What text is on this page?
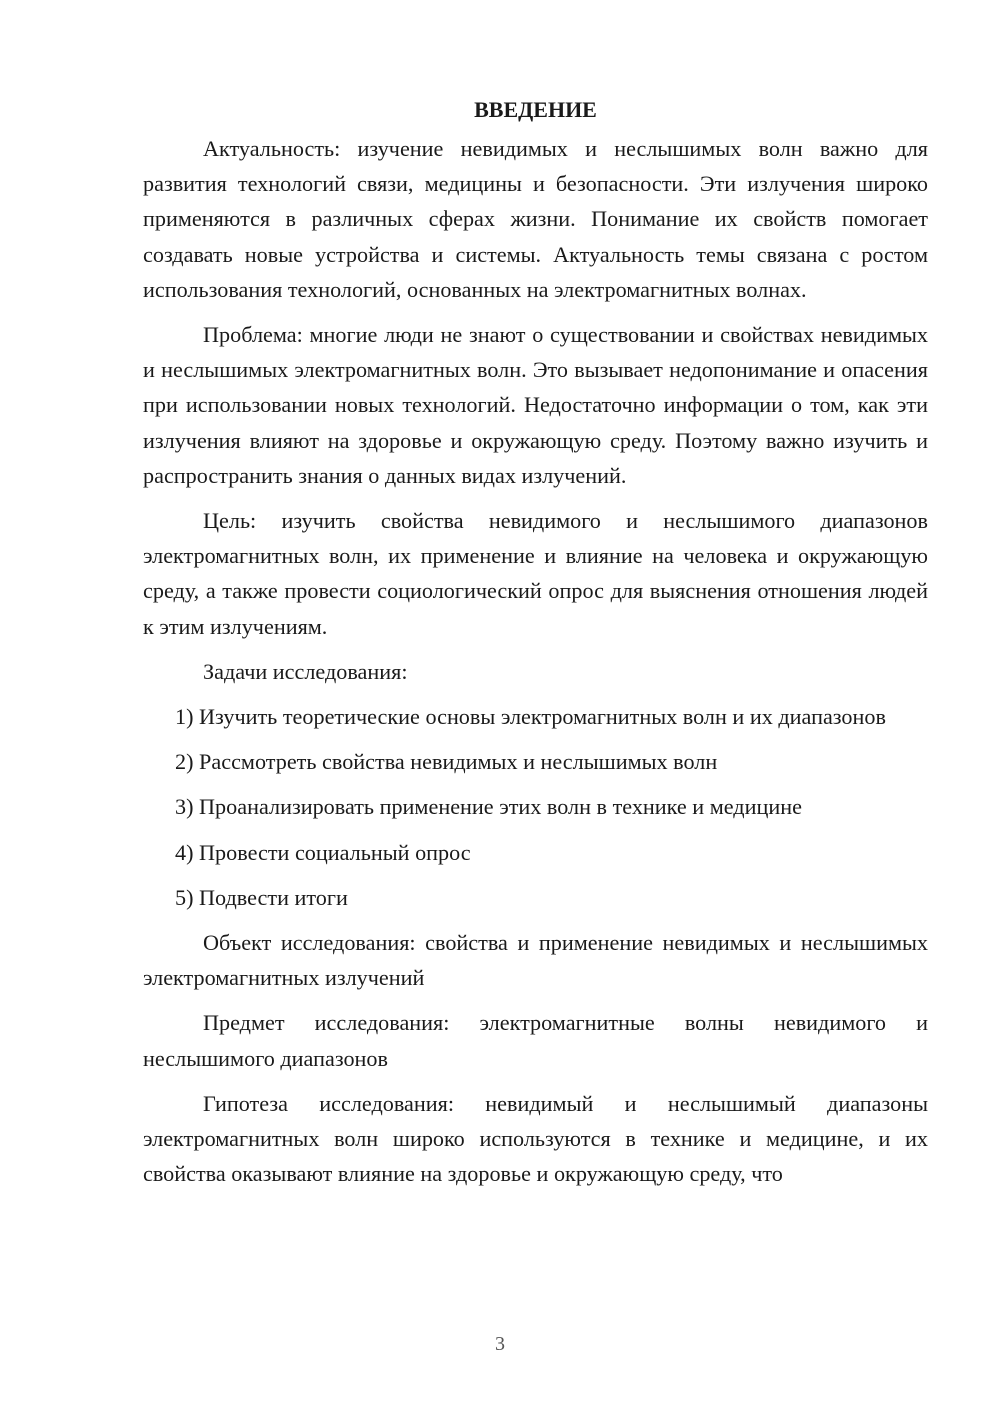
ВВЕДЕНИЕ

Актуальность: изучение невидимых и неслышимых волн важно для развития технологий связи, медицины и безопасности. Эти излучения широко применяются в различных сферах жизни. Понимание их свойств помогает создавать новые устройства и системы. Актуальность темы связана с ростом использования технологий, основанных на электромагнитных волнах.

Проблема: многие люди не знают о существовании и свойствах невидимых и неслышимых электромагнитных волн. Это вызывает недопонимание и опасения при использовании новых технологий. Недостаточно информации о том, как эти излучения влияют на здоровье и окружающую среду. Поэтому важно изучить и распространить знания о данных видах излучений.

Цель: изучить свойства невидимого и неслышимого диапазонов электромагнитных волн, их применение и влияние на человека и окружающую среду, а также провести социологический опрос для выяснения отношения людей к этим излучениям.

Задачи исследования:

1) Изучить теоретические основы электромагнитных волн и их диапазонов

2) Рассмотреть свойства невидимых и неслышимых волн

3) Проанализировать применение этих волн в технике и медицине

4) Провести социальный опрос

5) Подвести итоги

Объект исследования: свойства и применение невидимых и неслышимых электромагнитных излучений

Предмет исследования: электромагнитные волны невидимого и неслышимого диапазонов

Гипотеза исследования: невидимый и неслышимый диапазоны электромагнитных волн широко используются в технике и медицине, и их свойства оказывают влияние на здоровье и окружающую среду, что

3
